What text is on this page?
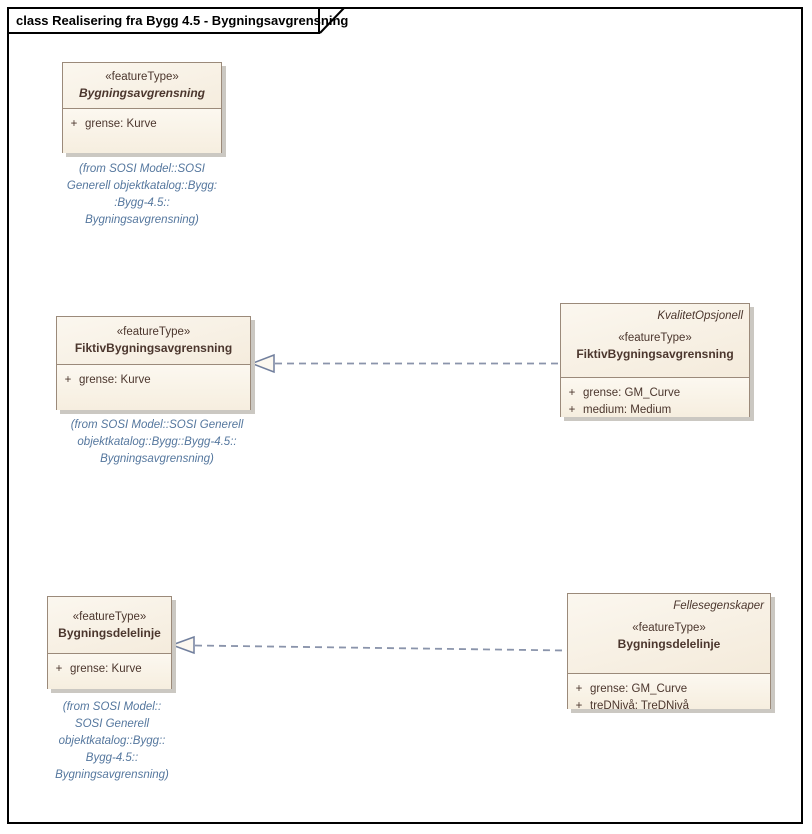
class Realisering fra Bygg 4.5 - Bygningsavgrensning
«featureType»
Bygningsavgrensning
+ grense: Kurve
(from SOSI Model::SOSI
Generell objektkatalog::Bygg:
:Bygg-4.5::
Bygningsavgrensning)
«featureType»
FiktivBygningsavgrensning
+ grense: Kurve
(from SOSI Model::SOSI Generell
objektkatalog::Bygg::Bygg-4.5::
Bygningsavgrensning)
KvalitetOpsjonell
«featureType»
FiktivBygningsavgrensning
+ grense: GM_Curve
+ medium: Medium
«featureType»
Bygningsdelelinje
+ grense: Kurve
(from SOSI Model::
SOSI Generell
objektkatalog::Bygg::
Bygg-4.5::
Bygningsavgrensning)
Fellesegenskaper
«featureType»
Bygningsdelelinje
+ grense: GM_Curve
+ treDNivå: TreDNivå
